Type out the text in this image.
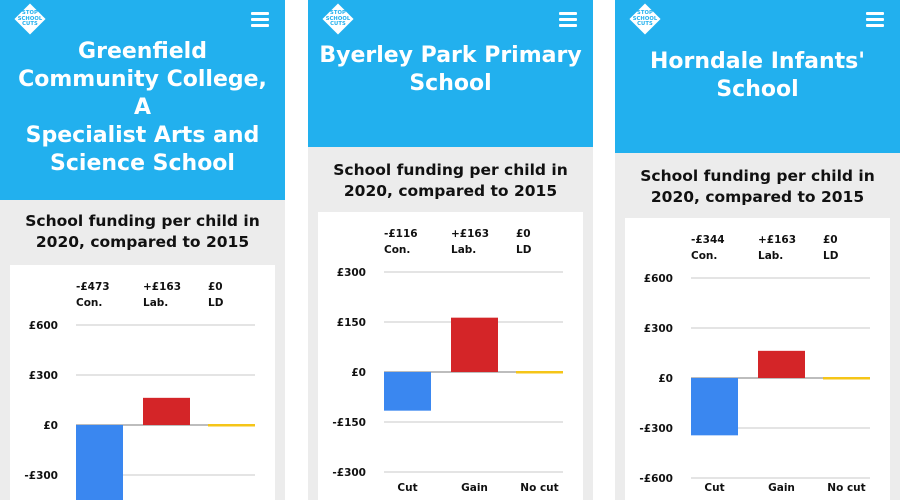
STOP
SCHOOL
CUTS
Greenfield
Community College, A
Specialist Arts and
Science School
School funding per child in 2020, compared to 2015
-£473
Con.
+£163
Lab.
£0
LD
£600
£300
£0
-£300
STOP
SCHOOL
CUTS
Byerley Park Primary
School
School funding per child in 2020, compared to 2015
-£116
Con.
+£163
Lab.
£0
LD
£300
£150
£0
-£150
-£300
Cut	Gain	No cut
STOP
SCHOOL
CUTS
Horndale Infants'
School
School funding per child in 2020, compared to 2015
-£344
Con.
+£163
Lab.
£0
LD
£600
£300
£0
-£300
-£600
Cut	Gain	No cut
